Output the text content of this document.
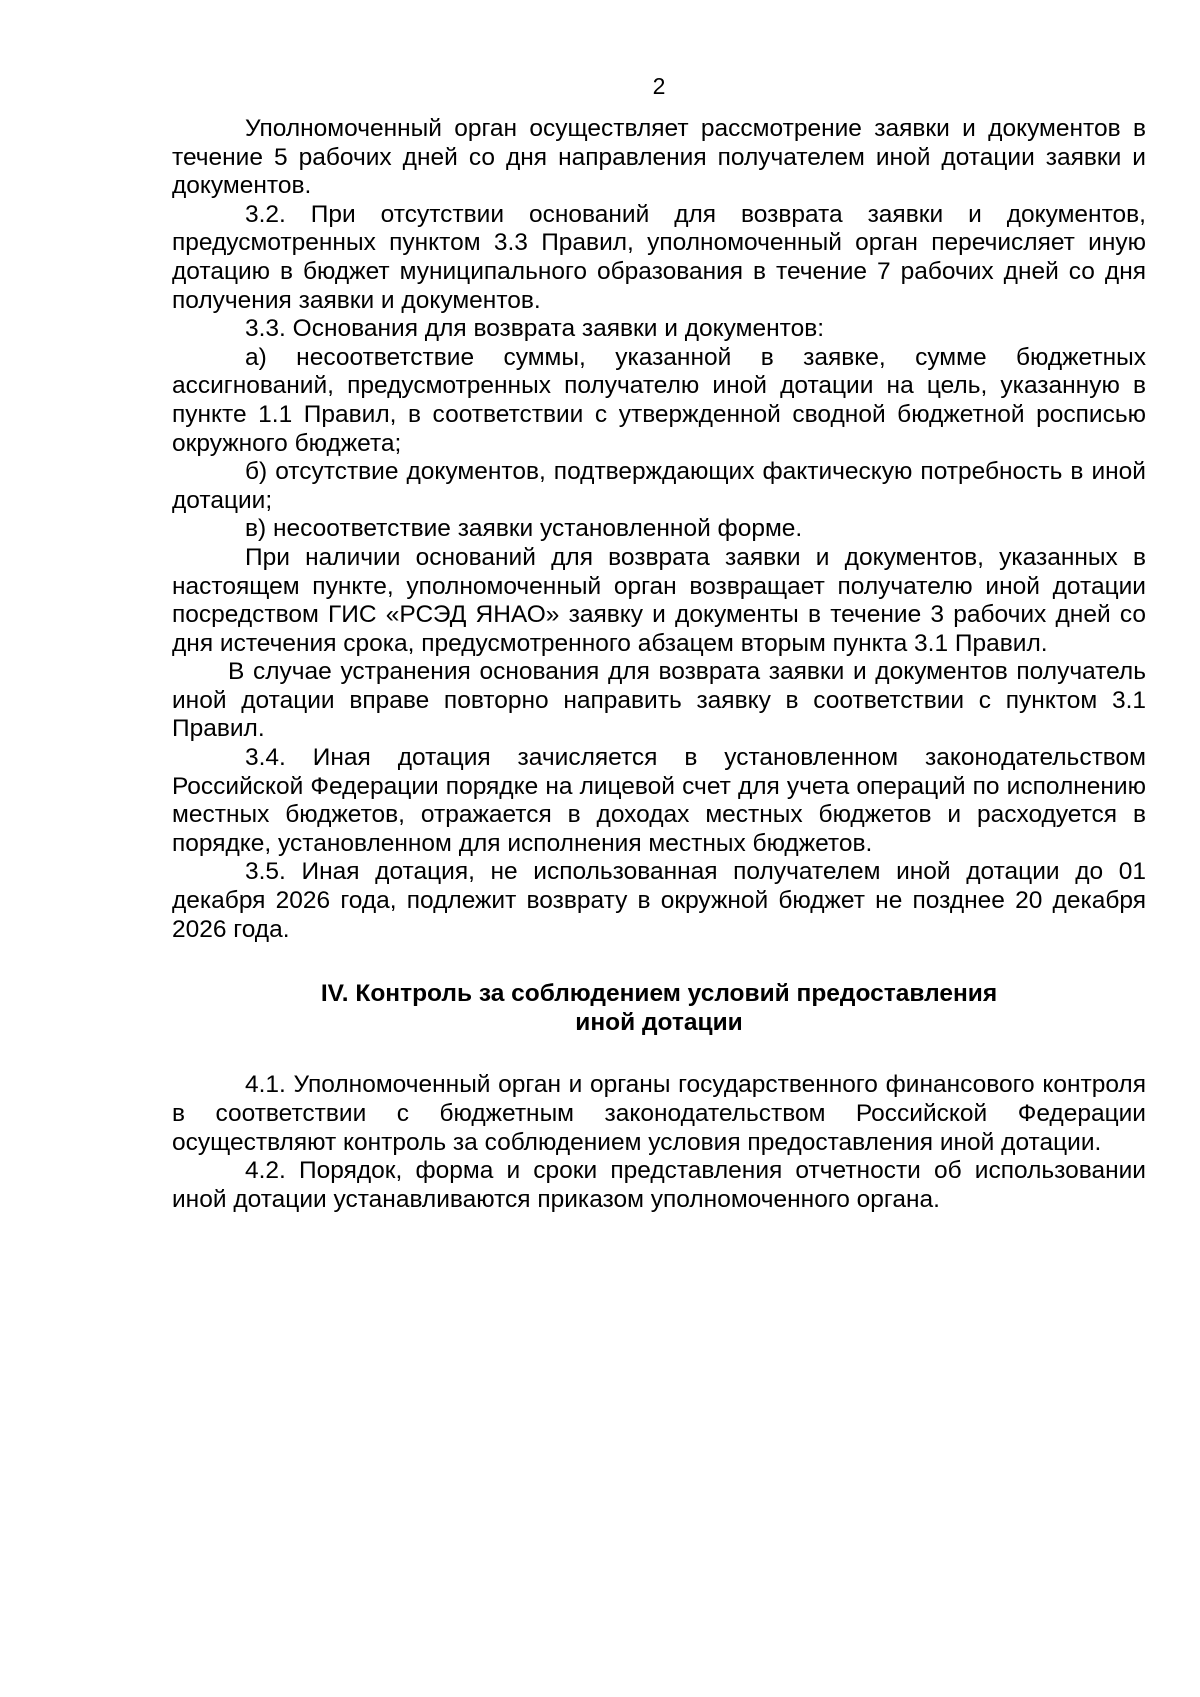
2

Уполномоченный орган осуществляет рассмотрение заявки и документов в течение 5 рабочих дней со дня направления получателем иной дотации заявки и документов.

3.2. При отсутствии оснований для возврата заявки и документов, предусмотренных пунктом 3.3 Правил, уполномоченный орган перечисляет иную дотацию в бюджет муниципального образования в течение 7 рабочих дней со дня получения заявки и документов.

3.3. Основания для возврата заявки и документов:

а) несоответствие суммы, указанной в заявке, сумме бюджетных ассигнований, предусмотренных получателю иной дотации на цель, указанную в пункте 1.1 Правил, в соответствии с утвержденной сводной бюджетной росписью окружного бюджета;

б) отсутствие документов, подтверждающих фактическую потребность в иной дотации;

в) несоответствие заявки установленной форме.

При наличии оснований для возврата заявки и документов, указанных в настоящем пункте, уполномоченный орган возвращает получателю иной дотации посредством ГИС «РСЭД ЯНАО» заявку и документы в течение 3 рабочих дней со дня истечения срока, предусмотренного абзацем вторым пункта 3.1 Правил.

В случае устранения основания для возврата заявки и документов получатель иной дотации вправе повторно направить заявку в соответствии с пунктом 3.1 Правил.

3.4. Иная дотация зачисляется в установленном законодательством Российской Федерации порядке на лицевой счет для учета операций по исполнению местных бюджетов, отражается в доходах местных бюджетов и расходуется в порядке, установленном для исполнения местных бюджетов.

3.5. Иная дотация, не использованная получателем иной дотации до 01 декабря 2026 года, подлежит возврату в окружной бюджет не позднее 20 декабря 2026 года.

IV. Контроль за соблюдением условий предоставления
иной дотации

4.1. Уполномоченный орган и органы государственного финансового контроля в соответствии с бюджетным законодательством Российской Федерации осуществляют контроль за соблюдением условия предоставления иной дотации.

4.2. Порядок, форма и сроки представления отчетности об использовании иной дотации устанавливаются приказом уполномоченного органа.
